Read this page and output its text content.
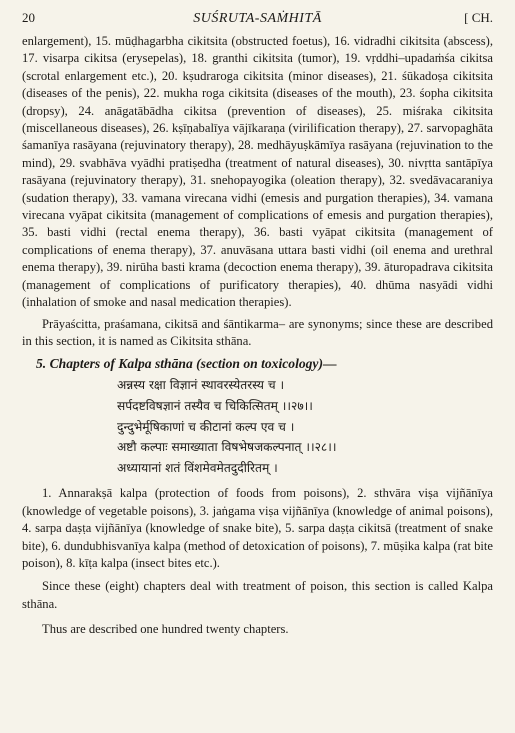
20	SUŚRUTA-SAṀHITĀ	[ CH.

enlargement), 15. mūḍhagarbha cikitsita (obstructed foetus), 16. vidradhi cikitsita (abscess), 17. visarpa cikitsa (erysepelas), 18. granthi cikitsita (tumor), 19. vṛddhi–upadaṁśa cikitsa (scrotal enlargement etc.), 20. kṣudraroga cikitsita (minor diseases), 21. śūkadoṣa cikitsita (diseases of the penis), 22. mukha roga cikitsita (diseases of the mouth), 23. śopha cikitsita (dropsy), 24. anāgatābādha cikitsa (prevention of diseases), 25. miśraka cikitsita (miscellaneous diseases), 26. kṣīṇabalīya vājīkaraṇa (virilification therapy), 27. sarvopaghāta śamanīya rasāyana (rejuvinatory therapy), 28. medhāyuṣkāmīya rasāyana (rejuvination to the mind), 29. svabhāva vyādhi pratiṣedha (treatment of natural diseases), 30. nivṛtta santāpīya rasāyana (rejuvinatory therapy), 31. snehopayogika (oleation therapy), 32. svedāvacaraniya (sudation therapy), 33. vamana virecana vidhi (emesis and purgation therapies), 34. vamana virecana vyāpat cikitsita (management of complications of emesis and purgation therapies), 35. basti vidhi (rectal enema therapy), 36. basti vyāpat cikitsita (management of complications of enema therapy), 37. anuvāsana uttara basti vidhi (oil enema and urethral enema therapy), 39. nirūha basti krama (decoction enema therapy), 39. āturopadrava cikitsita (management of complications of purificatory therapies), 40. dhūma nasyādi vidhi (inhalation of smoke and nasal medication therapies).

Prāyaścitta, praśamana, cikitsā and śāntikarma– are synonyms; since these are described in this section, it is named as Cikitsita sthāna.

5. Chapters of Kalpa sthāna (section on toxicology)—
अन्नस्य रक्षा विज्ञानं स्थावरस्येतरस्य च ।
सर्पदष्टविषज्ञानं तस्यैव च चिकित्सितम् ।।२७।।
दुन्दुभेर्मूषिकाणां च कीटानां कल्प एव च ।
अष्टौ कल्पाः समाख्याता विषभेषजकल्पनात् ।।२८।।
अध्यायानां शतं विंशमेवमेतदुदीरितम् ।

1. Annarakṣā kalpa (protection of foods from poisons), 2. sthvāra viṣa vijñānīya (knowledge of vegetable poisons), 3. jaṅgama viṣa vijñānīya (knowledge of animal poisons), 4. sarpa daṣṭa vijñānīya (knowledge of snake bite), 5. sarpa daṣṭa cikitsā (treatment of snake bite), 6. dundubhisvanīya kalpa (method of detoxication of poisons), 7. mūṣika kalpa (rat bite poison), 8. kīṭa kalpa (insect bites etc.).

Since these (eight) chapters deal with treatment of poison, this section is called Kalpa sthāna.

Thus are described one hundred twenty chapters.
